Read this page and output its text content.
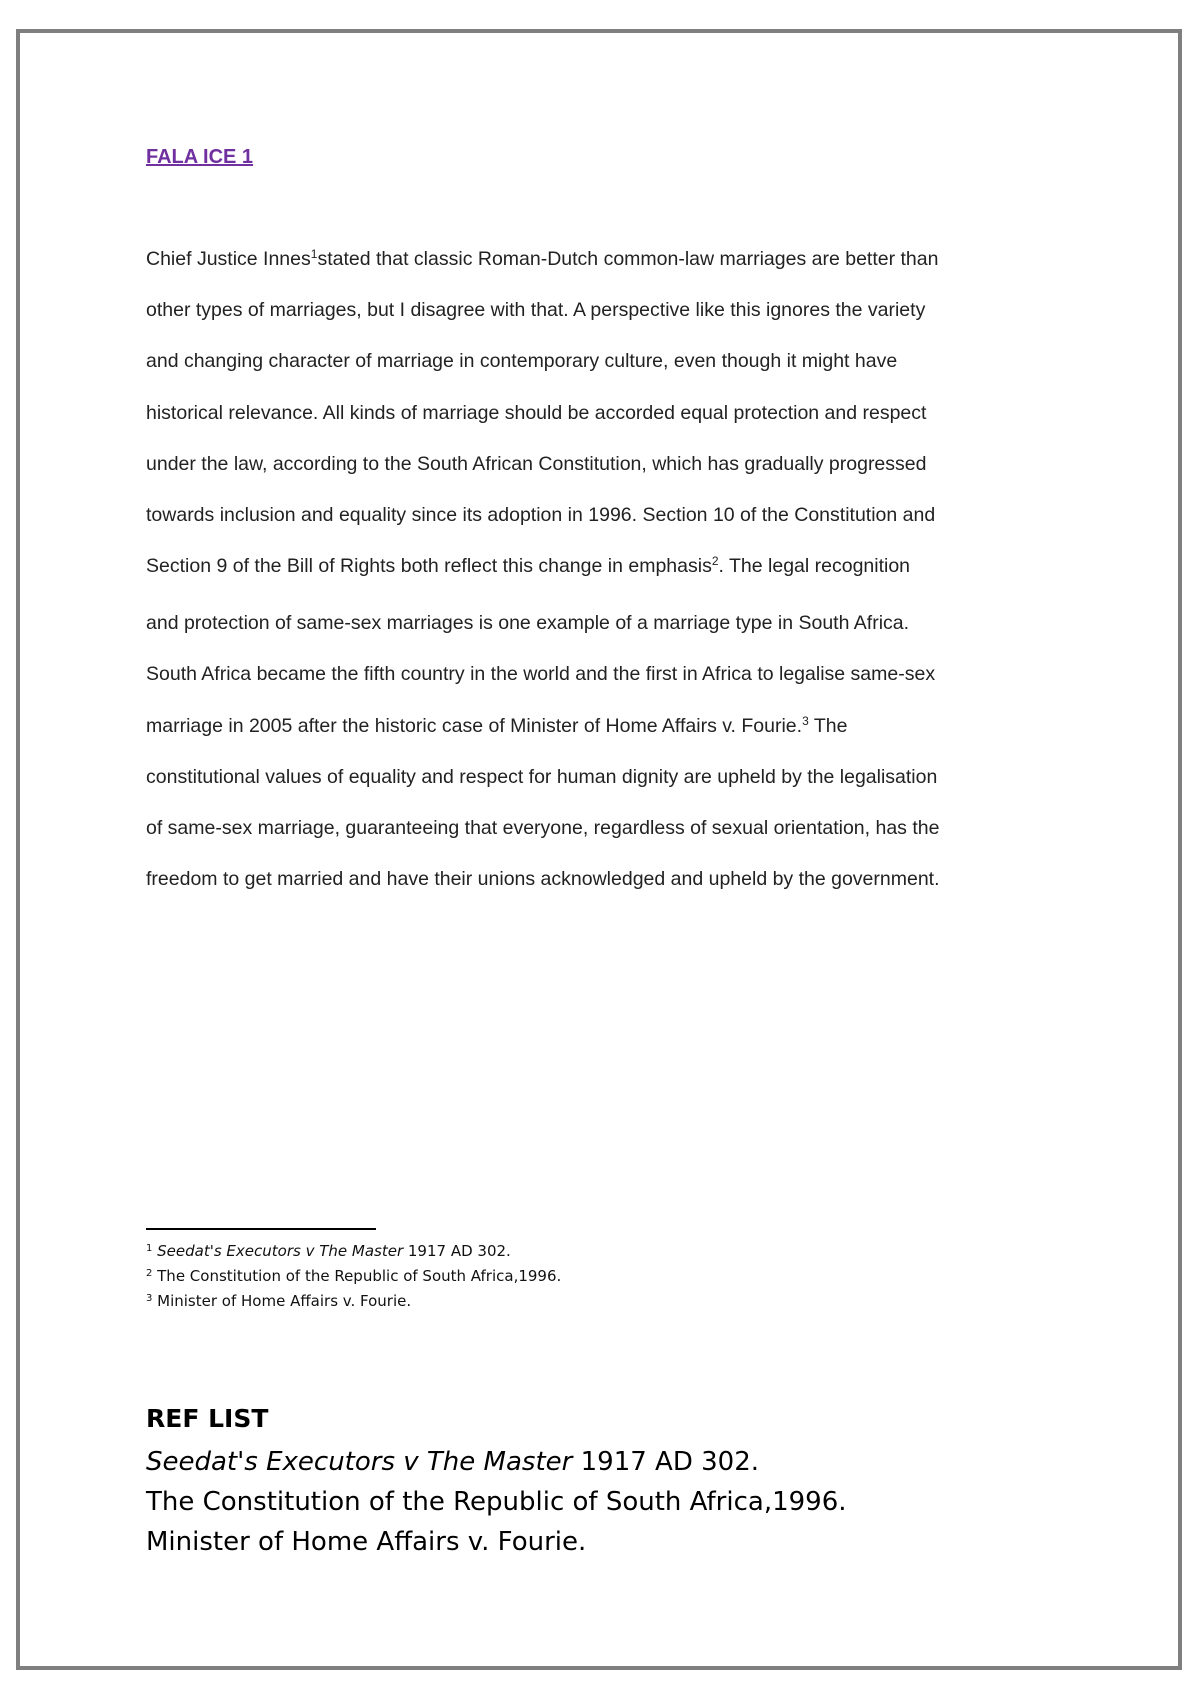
FALA ICE 1
Chief Justice Innes$^1$stated that classic Roman-Dutch common-law marriages are better than
other types of marriages, but I disagree with that. A perspective like this ignores the variety
and changing character of marriage in contemporary culture, even though it might have
historical relevance. All kinds of marriage should be accorded equal protection and respect
under the law, according to the South African Constitution, which has gradually progressed
towards inclusion and equality since its adoption in 1996. Section 10 of the Constitution and
Section 9 of the Bill of Rights both reflect this change in emphasis$^2$. The legal recognition
and protection of same-sex marriages is one example of a marriage type in South Africa.
South Africa became the fifth country in the world and the first in Africa to legalise same-sex
marriage in 2005 after the historic case of Minister of Home Affairs v. Fourie.$^3$ The
constitutional values of equality and respect for human dignity are upheld by the legalisation
of same-sex marriage, guaranteeing that everyone, regardless of sexual orientation, has the
freedom to get married and have their unions acknowledged and upheld by the government.
$^1$ Seedat's Executors v The Master 1917 AD 302.
$^2$ The Constitution of the Republic of South Africa,1996.
$^3$ Minister of Home Affairs v. Fourie.
REF LIST
Seedat's Executors v The Master 1917 AD 302.
The Constitution of the Republic of South Africa,1996.
Minister of Home Affairs v. Fourie.
